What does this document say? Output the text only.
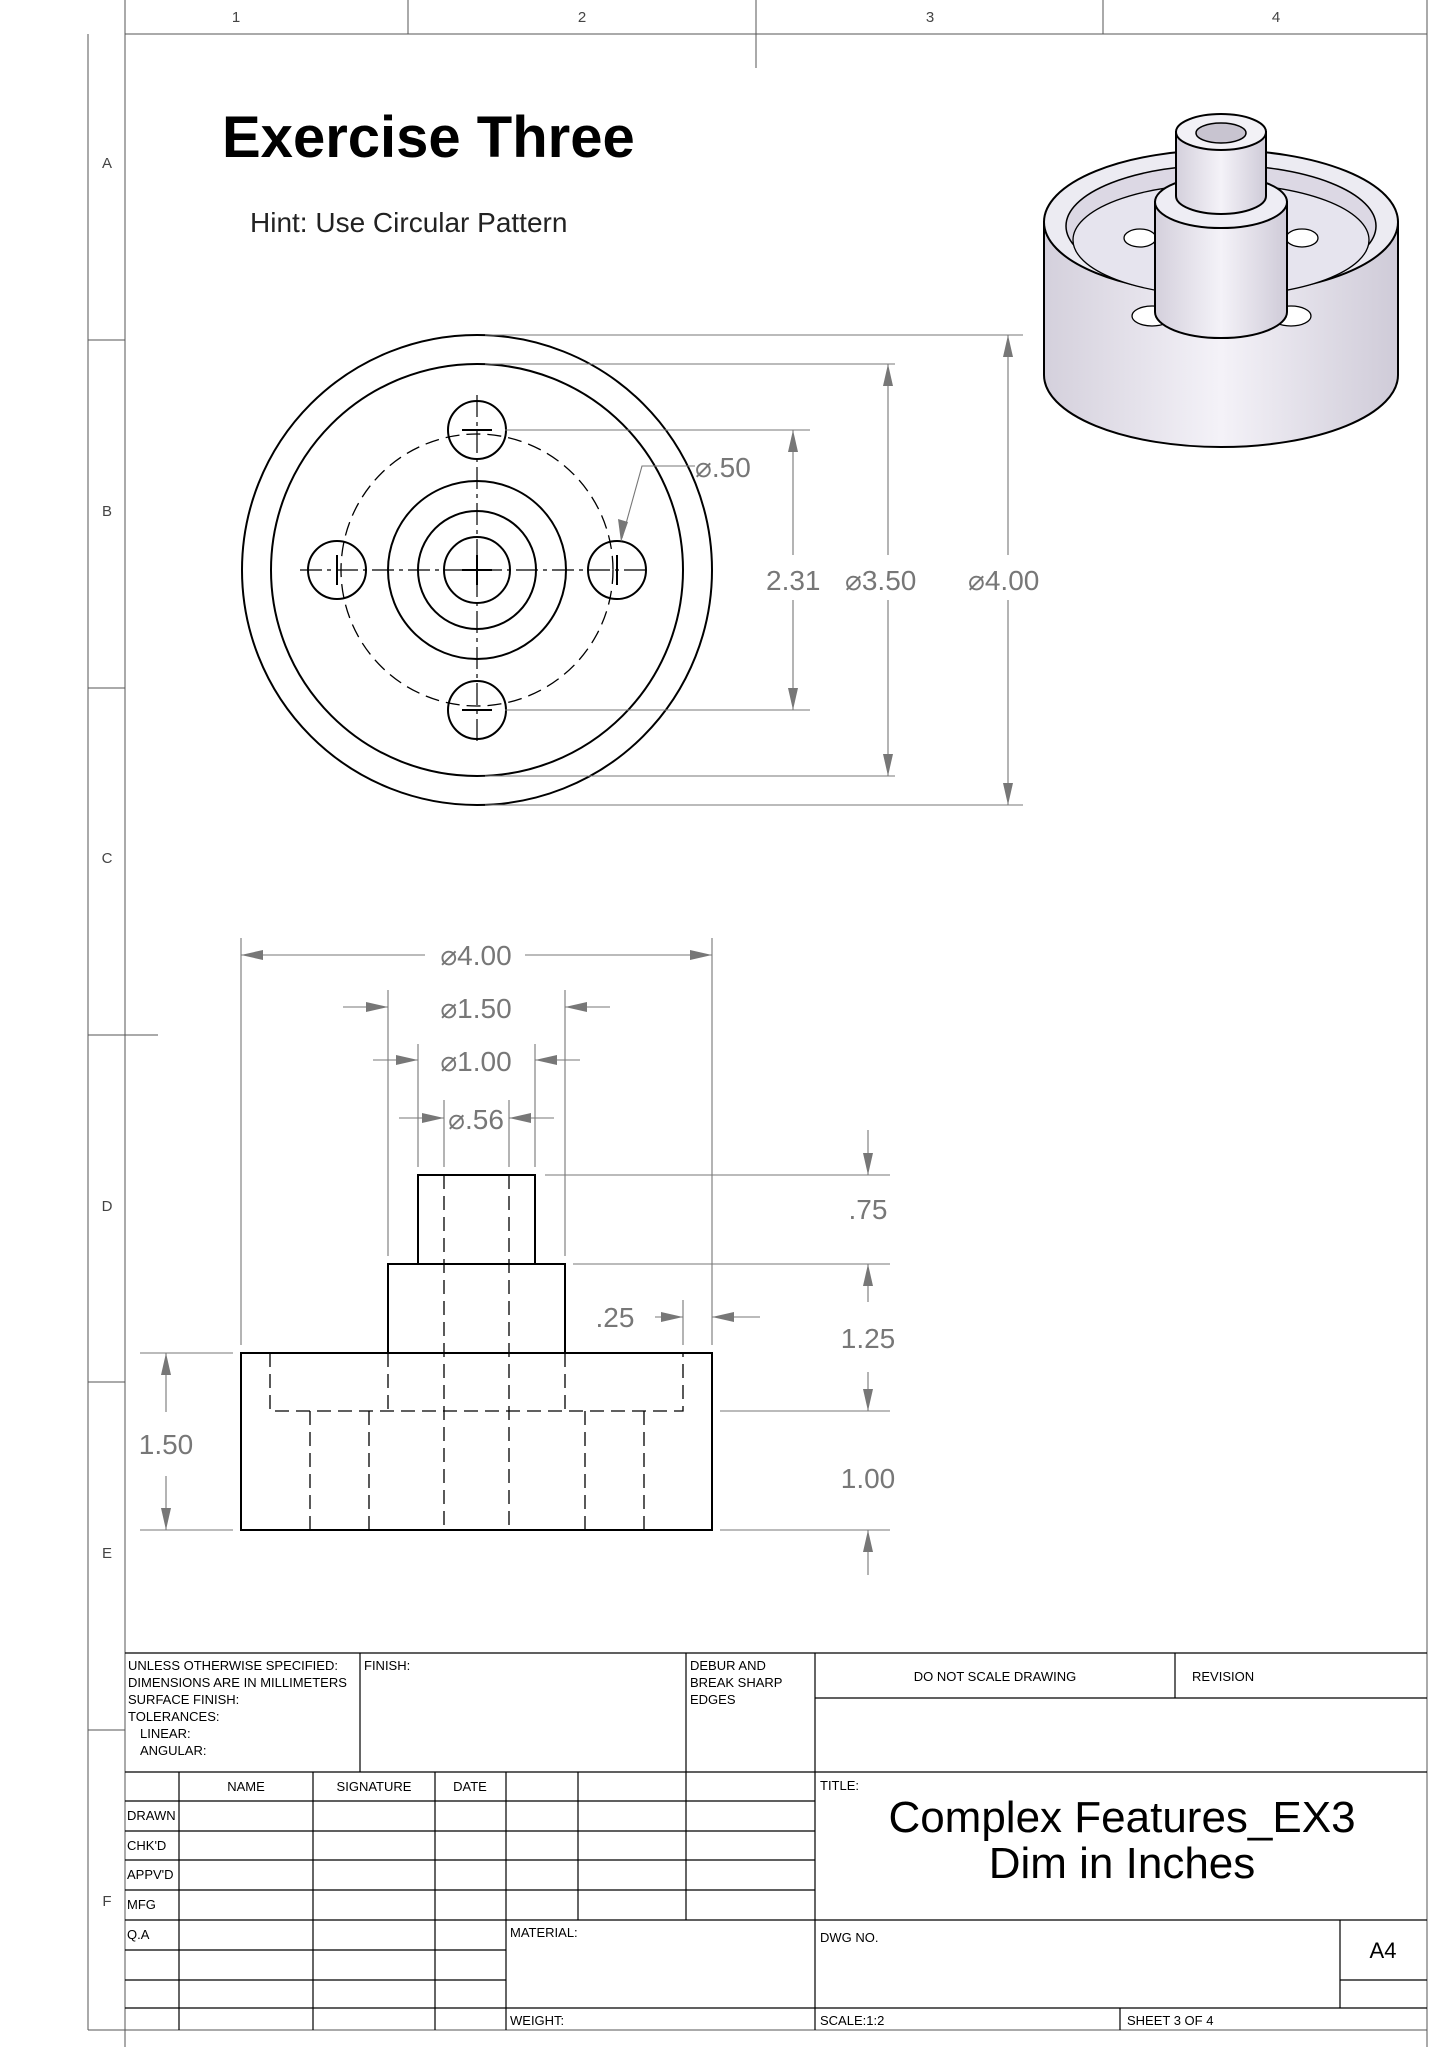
1	2	3	4
A
B
C
D
E
F
Exercise Three
Hint: Use Circular Pattern
⌀.50
2.31 ⌀3.50 ⌀4.00
⌀4.00
⌀1.50
⌀1.00
⌀.56
.75
1.25
1.00
1.50
.25
UNLESS OTHERWISE SPECIFIED:
DIMENSIONS ARE IN MILLIMETERS
SURFACE FINISH:
TOLERANCES:
LINEAR:
ANGULAR:
FINISH:	DEBUR AND
BREAK SHARP
EDGES
DO NOT SCALE DRAWING	REVISION
NAME	SIGNATURE	DATE
DRAWN
CHK'D
APPV'D
MFG
Q.A
TITLE:
Complex Features_EX3
Dim in Inches
MATERIAL:	DWG NO.
A4
WEIGHT:	SCALE:1:2	SHEET 3 OF 4
